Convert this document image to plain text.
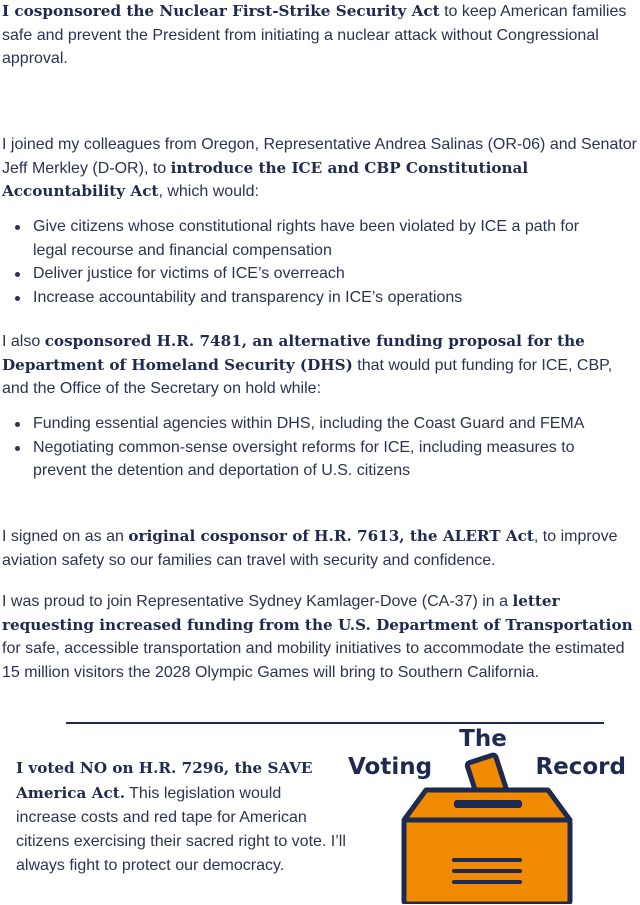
I cosponsored the Nuclear First-Strike Security Act to keep American families safe and prevent the President from initiating a nuclear attack without Congressional approval.

I joined my colleagues from Oregon, Representative Andrea Salinas (OR-06) and Senator Jeff Merkley (D-OR), to introduce the ICE and CBP Constitutional Accountability Act, which would:

Give citizens whose constitutional rights have been violated by ICE a path for legal recourse and financial compensation
Deliver justice for victims of ICE’s overreach
Increase accountability and transparency in ICE’s operations

I also cosponsored H.R. 7481, an alternative funding proposal for the Department of Homeland Security (DHS) that would put funding for ICE, CBP, and the Office of the Secretary on hold while:

Funding essential agencies within DHS, including the Coast Guard and FEMA
Negotiating common-sense oversight reforms for ICE, including measures to prevent the detention and deportation of U.S. citizens

I signed on as an original cosponsor of H.R. 7613, the ALERT Act, to improve aviation safety so our families can travel with security and confidence.

I was proud to join Representative Sydney Kamlager-Dove (CA-37) in a letter requesting increased funding from the U.S. Department of Transportation for safe, accessible transportation and mobility initiatives to accommodate the estimated 15 million visitors the 2028 Olympic Games will bring to Southern California.

I voted NO on H.R. 7296, the SAVE America Act. This legislation would increase costs and red tape for American citizens exercising their sacred right to vote. I’ll always fight to protect our democracy.

The
Voting	Record
